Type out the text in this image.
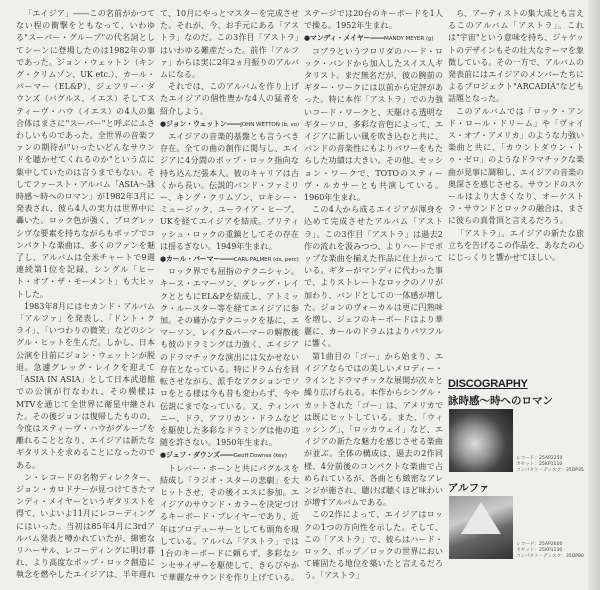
「エイジア」――この名前がかつてない程の衝撃をともなって、いわゆる"スーパー・グループ"の代名詞としてシーンに登場したのは1982年の事であった。ジョン・ウェットン（キング・クリムゾン、UK etc.）、カール・パーマー（EL&P）、ジェフリー・ダウンズ（バグルス、イエス）そしてスティーヴ・ハウ（イエス）の4人の集合体はまさに"スーパー"と呼ぶにふさわしいものであった。全世界の音楽ファンの期待が"いったいどんなサウンドを聴かせてくれるのか"という点に集中していたのは言うまでもない。そしてファースト・アルバム「ASIA～詠時感～時へのロマン」が1982年3月に発表され、彼ら4人の実力は世界中に轟いた。ロック色が強く、プログレッシヴな要素を持ちながらもポップでコンパクトな楽曲は、多くのファンを魅了し、アルバムは全米チャートで9週連続第1位を記録、シングル「ヒート・オブ・ザ・モーメント」も大ヒットした。

1983年8月にはセカンド・アルバム「アルファ」を発表し、「ドント・クライ」、「いつわりの微笑」などのシングル・ヒットを生んだ。しかし、日本公演を目前にジョン・ウェットンが脱退。急遽グレッグ・レイクを迎えて「ASIA IN ASIA」として日本武道館での公演が行なわれ、その模様はMTVを通じて全世界に衛星中継された。その後ジョンは復帰したものの、今度はスティーヴ・ハウがグループを離れることとなり、エイジアは新たなギタリストを求めることになったのである。

ン・レコードの名物ディレクター、ジョン・カロドナーが見つけてきたマンディ・メイヤーというギタリストを得て、いよいよ11月にレコーディングにはいった。当初は85年4月に3rdアルバム発表と噂かれていたが、綿密なリハーサル、レコーディングに明け暮れ、より高度なポップ・ロック創造に執念を燃やしたエイジアは、半年遅れて、10月にやっとマスターを完成させた。それが、今、お手元にある「アストラ」なのだ。この3作目「アストラ」はいわゆる難産だった。前作「アルファ」からは実に2年2ヵ月振りのアルバムになる。

それでは、このアルバムを作り上げたエイジアの個性豊かな4人の猛者を紹介しよう。

●ジョン・ウェットン――JOHN WETTON (b, vo)

エイジアの音楽的基盤とも言うべき存在。全ての曲の創作に関与し、エイジアに4分間のポップ・ロック指向な持ち込んだ張本人。彼のキャリアは古くから長い。伝説的バンド・ファミリー、キング・クリムゾン、ロキシー・ミュージック、ユーライア・ヒープ、UKを経てエイジアを結成。ブリティッシュ・ロックの重鎮としてその存在は揺るぎない。1949年生まれ。

●カール・パーマー――CARL PALMER (ds, perc)

ロック界でも屈指のテクニシャン。キース・エマーソン、グレッグ・レイクとともにEL&Pを結成し、アトミック・ルースター等を経てエイジアに参加。その確かなテクニックを基に、エマーソン、レイク&パーマーの解散後も彼のドラミングは力強く、エイジアのドラマチックな演出には欠かせない存在となっている。特にドラム台を回転させながら、派手なアクションでソロをとる様は今も昔も変わらず、今や伝説にまでなっている。又、ティンパニー、ドラ、アフリカン・ドラムなどを駆使した多彩なドラミングは他の追随を許さない。1950年生まれ。

●ジェフ・ダウンズ――Geoff Downes (key)

トレバー・ホーンと共にバグルスを結成し「ラジオ・スターの悲劇」を大ヒットさせ、その後イエスに参加。エイジアのサウンド・カラーを決定づけるキーボード・プレイヤーであり、近年はプロデューサーとしても頭角を現している。アルバム「アストラ」では1台のキーボードに頼らず、多彩なシンセサイザーを駆使して、きらびやかで華麗なサウンドを作り上げている。ステージでは20台のキーボードを1人で操る。1952年生まれ。

●マンディ・メイヤー――MANDY MEYER (g)

コブラというフロリダのハード・ロック・バンドから加入したスイス人ギタリスト。まだ無名だが、彼の腕前のギター・ワークには以前から定評があった。特に本作「アストラ」での力強いコード・ワークと、天駆ける透明なギターソロ、多彩な音色によって、エイジアに新しい風を吹き込むと共に、バンドの音楽性にもよりパワーをもたらした功績は大きい。その他、セッション・ワークで、TOTOのスティーヴ・ルカサーとも共演している。1960年生まれ。

この4人から成るエイジアが渾身を込めて完成させたアルバム「アストラ」。この3作目「アストラ」は過去2作の流れを汲みつつ、よりハードでポップな楽曲を揃えた作品に仕上がっている。ギターがマンディに代わった事で、よりストレートなロックのノリが加わり、バンドとしての一体感が増した。ジョンのヴォーカルは更に円熟味を増し、ジェフのキーボードはより華麗に、カールのドラムはよりパワフルに響く。

第1曲目の「ゴー」から始まり、エイジアならではの美しいメロディー・ラインとドラマチックな展開が次々と繰り広げられる。本作からシングル・カットされた「ゴー」は、アメリカでは既にヒットしている。また、「ウィッシング」、「ロッカウェイ」など、エイジアの新たな魅力を感じさせる楽曲が並ぶ。全体の構成は、過去の2作同様、4分前後のコンパクトな楽曲で占められているが、各曲とも緻密なアレンジが施され、聴けば聴くほど味わいが増すアルバムである。

この2作によって、エイジアはロックの1つの方向性を示した。そして、この「アストラ」で、彼らはハード・ロック、ポップ／ロックの世界において確固たる地位を築いたと言えるだろう。「アストラ」

ら、アーティストの集大成とも言えるこのアルバム「アストラ」。これは"宇宙"という意味を持ち、ジャケットのデザインもその壮大なテーマを象徴している。その一方で、アルバムの発表前にはエイジアのメンバーたちによるプロジェクト"ARCADIA"なども話題となった。

このアルバムでは「ロック・アンド・ロール・ドリーム」や「ヴォイス・オブ・アメリカ」のような力強い楽曲と共に、「カウントダウン・トゥ・ゼロ」のようなドラマチックな楽曲が見事に調和し、エイジアの音楽の奥深さを感じさせる。サウンドのスケールはより大きくなり、オーケストラ・サウンドとロックの融合は、まさに彼らの真骨頂と言えるだろう。

「アストラ」。エイジアの新たな旅立ちを告げるこの作品を、あなたの心にじっくりと響かせてほしい。

DISCOGRAPHY
詠時感～時へのロマン
レコード：25AP2250
カセット：25KP1110
コンパクト・ディスク：35DP35
アルファ
レコード：25AP2600
カセット：25KP1130
コンパクト・ディスク：35DP80
